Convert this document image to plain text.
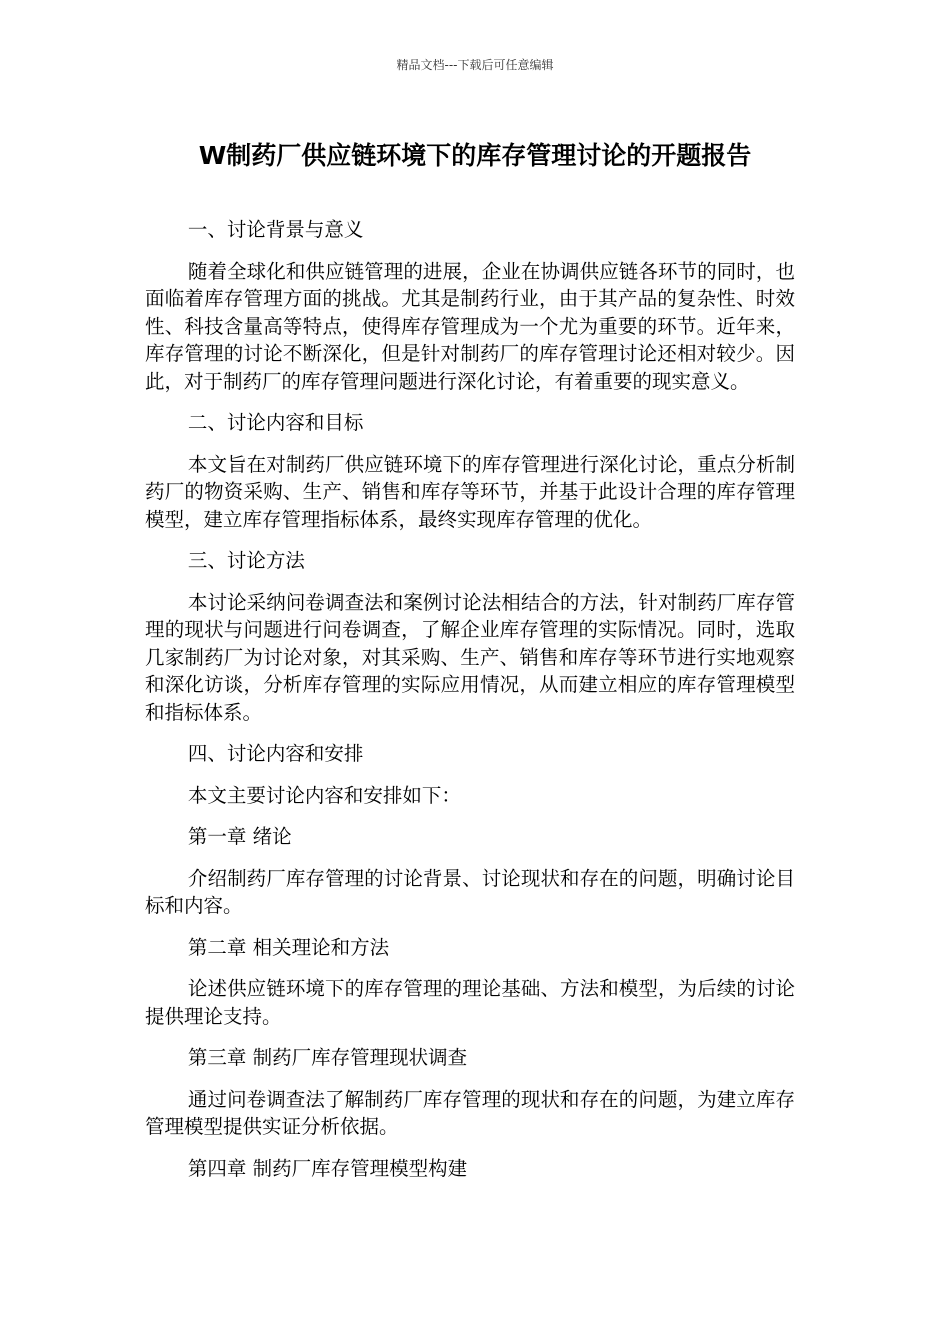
精品文档---下载后可任意编辑
W制药厂供应链环境下的库存管理讨论的开题报告

一、讨论背景与意义

随着全球化和供应链管理的进展，企业在协调供应链各环节的同时，也面临着库存管理方面的挑战。尤其是制药行业，由于其产品的复杂性、时效性、科技含量高等特点，使得库存管理成为一个尤为重要的环节。近年来，库存管理的讨论不断深化，但是针对制药厂的库存管理讨论还相对较少。因此，对于制药厂的库存管理问题进行深化讨论，有着重要的现实意义。

二、讨论内容和目标

本文旨在对制药厂供应链环境下的库存管理进行深化讨论，重点分析制药厂的物资采购、生产、销售和库存等环节，并基于此设计合理的库存管理模型，建立库存管理指标体系，最终实现库存管理的优化。

三、讨论方法

本讨论采纳问卷调查法和案例讨论法相结合的方法，针对制药厂库存管理的现状与问题进行问卷调查，了解企业库存管理的实际情况。同时，选取几家制药厂为讨论对象，对其采购、生产、销售和库存等环节进行实地观察和深化访谈，分析库存管理的实际应用情况，从而建立相应的库存管理模型和指标体系。

四、讨论内容和安排

本文主要讨论内容和安排如下：

第一章 绪论

介绍制药厂库存管理的讨论背景、讨论现状和存在的问题，明确讨论目标和内容。

第二章 相关理论和方法

论述供应链环境下的库存管理的理论基础、方法和模型，为后续的讨论提供理论支持。

第三章 制药厂库存管理现状调查

通过问卷调查法了解制药厂库存管理的现状和存在的问题，为建立库存管理模型提供实证分析依据。

第四章 制药厂库存管理模型构建
